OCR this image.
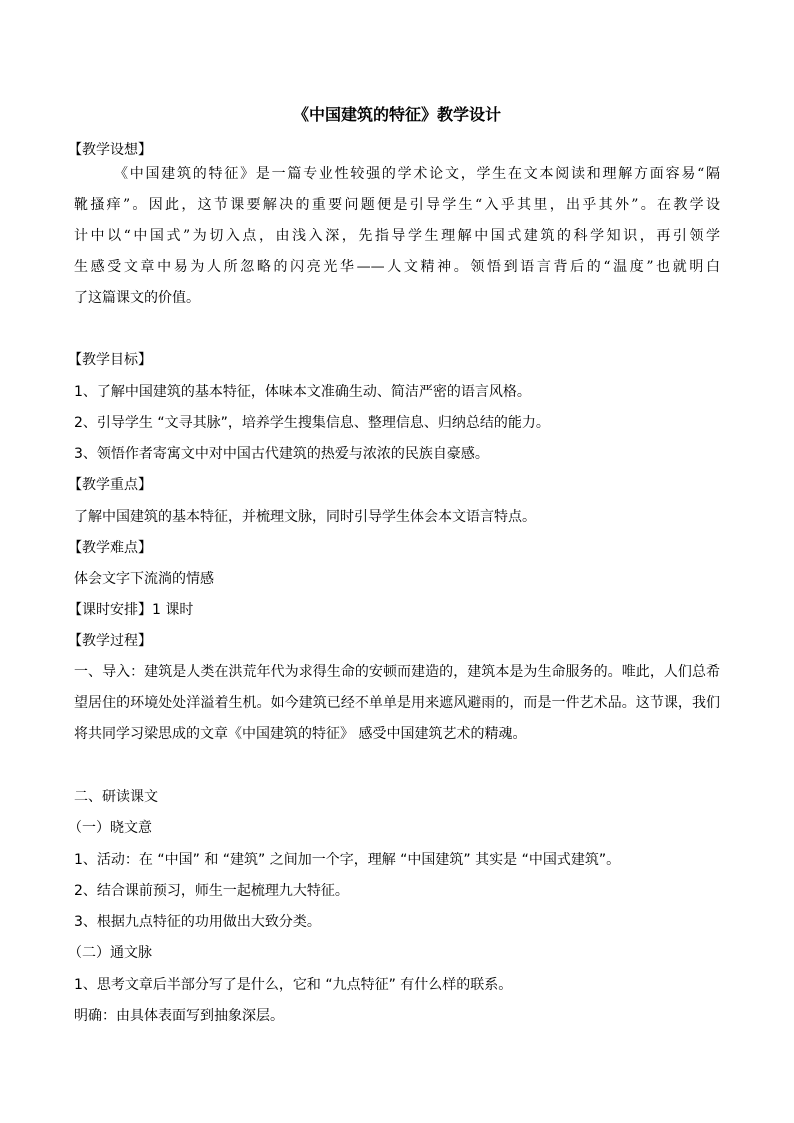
《中国建筑的特征》教学设计
【教学设想】
《中国建筑的特征》是一篇专业性较强的学术论文，学生在文本阅读和理解方面容易“隔
靴搔痒”。因此，这节课要解决的重要问题便是引导学生“入乎其里，出乎其外”。在教学设
计中以“中国式”为切入点，由浅入深，先指导学生理解中国式建筑的科学知识，再引领学
生感受文章中易为人所忽略的闪亮光华——人文精神。领悟到语言背后的“温度”也就明白
了这篇课文的价值。
【教学目标】
1、了解中国建筑的基本特征，体味本文准确生动、简洁严密的语言风格。
2、引导学生 “文寻其脉”，培养学生搜集信息、整理信息、归纳总结的能力。
3、领悟作者寄寓文中对中国古代建筑的热爱与浓浓的民族自豪感。
【教学重点】
了解中国建筑的基本特征，并梳理文脉，同时引导学生体会本文语言特点。
【教学难点】
体会文字下流淌的情感
【课时安排】1 课时
【教学过程】
一、导入：建筑是人类在洪荒年代为求得生命的安顿而建造的，建筑本是为生命服务的。唯此，人们总希
望居住的环境处处洋溢着生机。如今建筑已经不单单是用来遮风避雨的，而是一件艺术品。这节课，我们
将共同学习梁思成的文章《中国建筑的特征》 感受中国建筑艺术的精魂。
二、研读课文
（一）晓文意
1、活动：在 “中国” 和 “建筑” 之间加一个字，理解 “中国建筑” 其实是 “中国式建筑”。
2、结合课前预习，师生一起梳理九大特征。
3、根据九点特征的功用做出大致分类。
（二）通文脉
1、思考文章后半部分写了是什么，它和 “九点特征” 有什么样的联系。
明确：由具体表面写到抽象深层。
